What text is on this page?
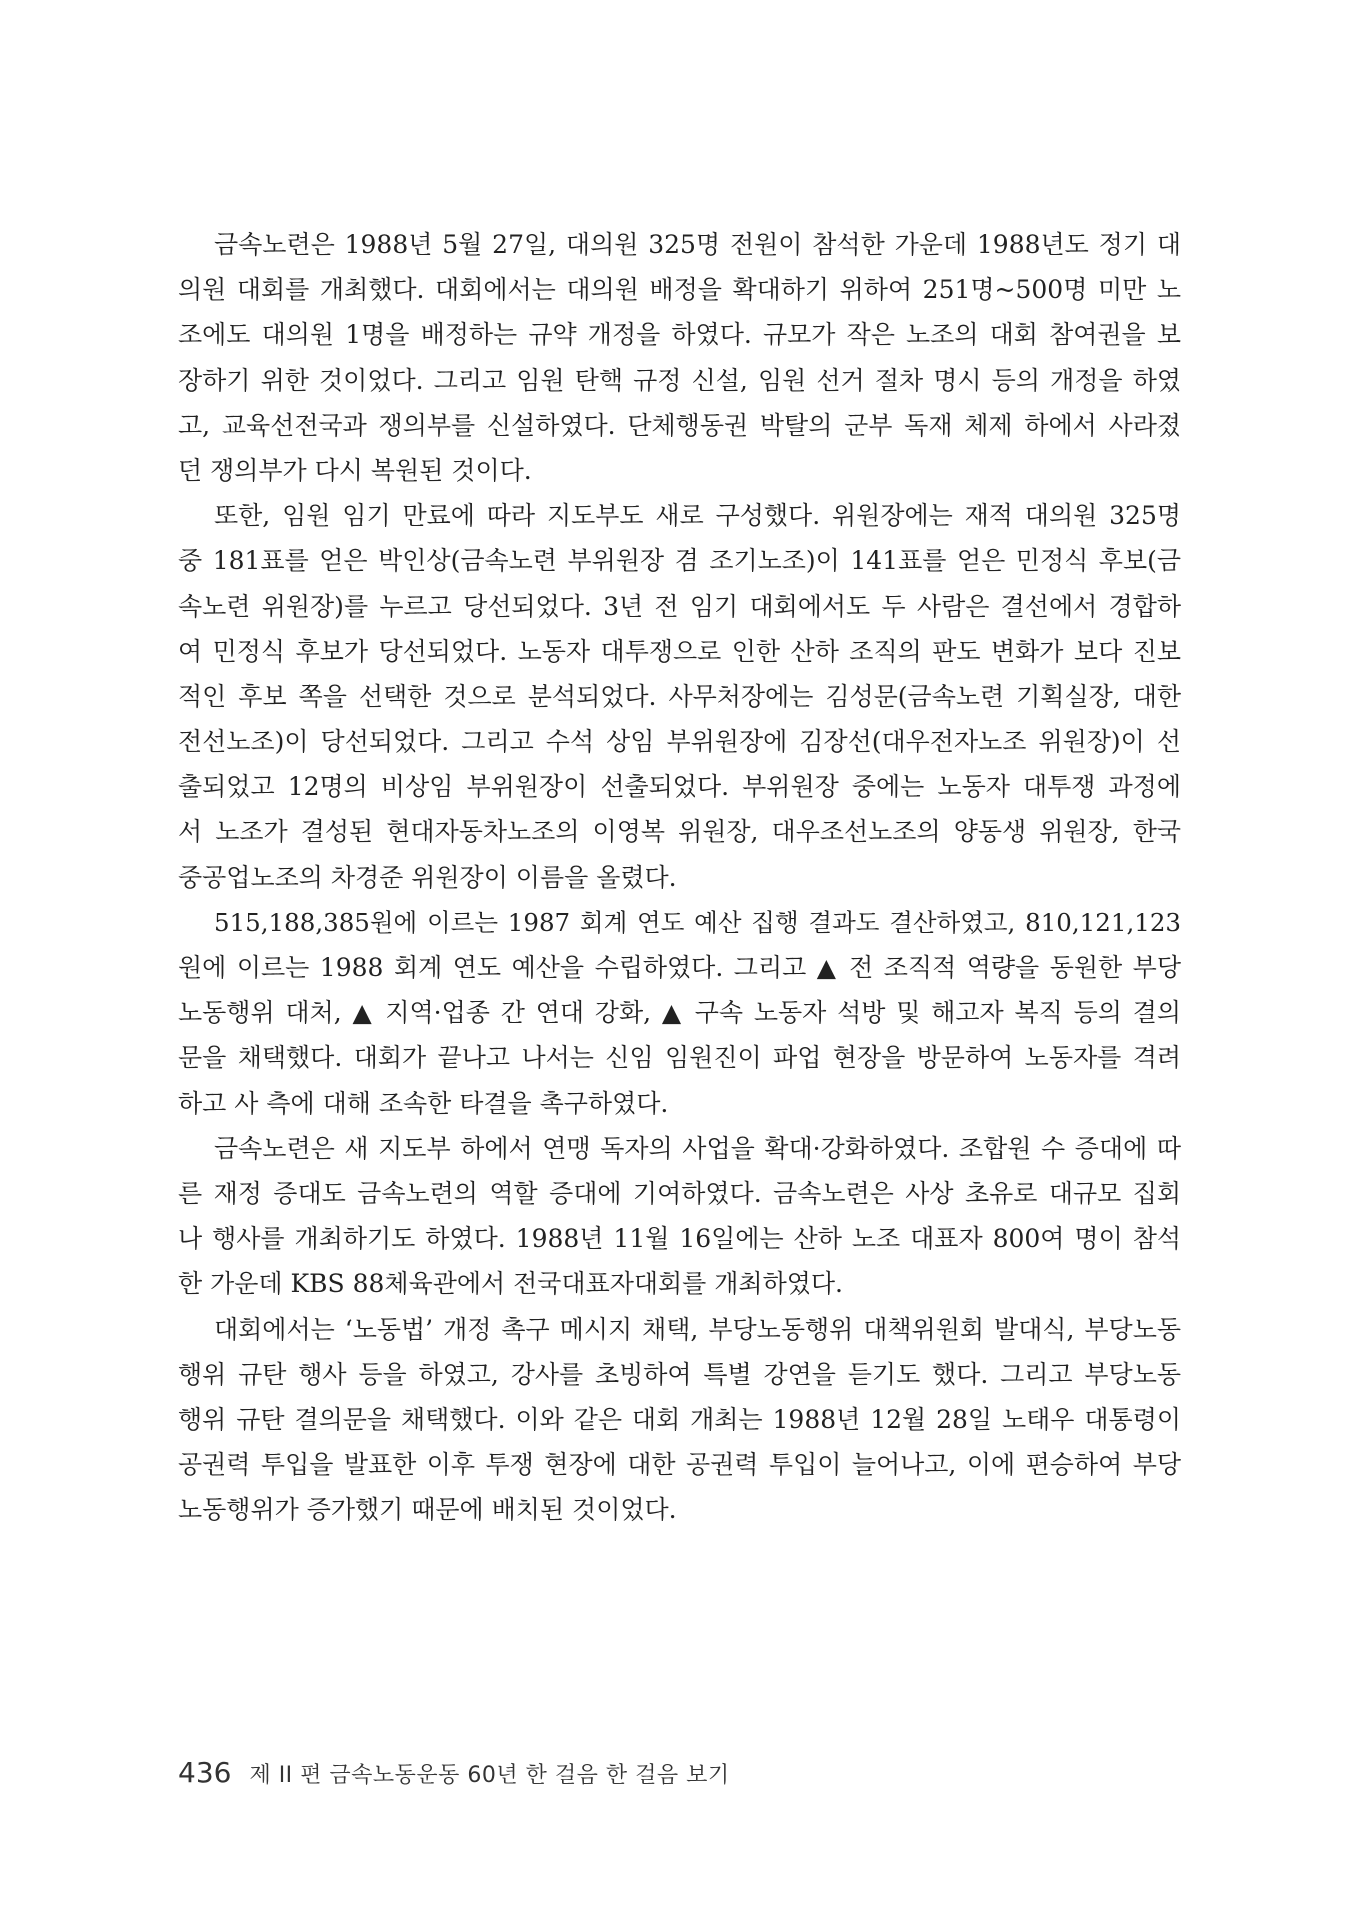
금속노련은 1988년 5월 27일, 대의원 325명 전원이 참석한 가운데 1988년도 정기 대
의원 대회를 개최했다. 대회에서는 대의원 배정을 확대하기 위하여 251명~500명 미만 노
조에도 대의원 1명을 배정하는 규약 개정을 하였다. 규모가 작은 노조의 대회 참여권을 보
장하기 위한 것이었다. 그리고 임원 탄핵 규정 신설, 임원 선거 절차 명시 등의 개정을 하였
고, 교육선전국과 쟁의부를 신설하였다. 단체행동권 박탈의 군부 독재 체제 하에서 사라졌
던 쟁의부가 다시 복원된 것이다.

또한, 임원 임기 만료에 따라 지도부도 새로 구성했다. 위원장에는 재적 대의원 325명
중 181표를 얻은 박인상(금속노련 부위원장 겸 조기노조)이 141표를 얻은 민정식 후보(금
속노련 위원장)를 누르고 당선되었다. 3년 전 임기 대회에서도 두 사람은 결선에서 경합하
여 민정식 후보가 당선되었다. 노동자 대투쟁으로 인한 산하 조직의 판도 변화가 보다 진보
적인 후보 쪽을 선택한 것으로 분석되었다. 사무처장에는 김성문(금속노련 기획실장, 대한
전선노조)이 당선되었다. 그리고 수석 상임 부위원장에 김장선(대우전자노조 위원장)이 선
출되었고 12명의 비상임 부위원장이 선출되었다. 부위원장 중에는 노동자 대투쟁 과정에
서 노조가 결성된 현대자동차노조의 이영복 위원장, 대우조선노조의 양동생 위원장, 한국
중공업노조의 차경준 위원장이 이름을 올렸다.

515,188,385원에 이르는 1987 회계 연도 예산 집행 결과도 결산하였고, 810,121,123
원에 이르는 1988 회계 연도 예산을 수립하였다. 그리고 ▲ 전 조직적 역량을 동원한 부당
노동행위 대처, ▲ 지역·업종 간 연대 강화, ▲ 구속 노동자 석방 및 해고자 복직 등의 결의
문을 채택했다. 대회가 끝나고 나서는 신임 임원진이 파업 현장을 방문하여 노동자를 격려
하고 사 측에 대해 조속한 타결을 촉구하였다.

금속노련은 새 지도부 하에서 연맹 독자의 사업을 확대·강화하였다. 조합원 수 증대에 따
른 재정 증대도 금속노련의 역할 증대에 기여하였다. 금속노련은 사상 초유로 대규모 집회
나 행사를 개최하기도 하였다. 1988년 11월 16일에는 산하 노조 대표자 800여 명이 참석
한 가운데 KBS 88체육관에서 전국대표자대회를 개최하였다.

대회에서는 ‘노동법’ 개정 촉구 메시지 채택, 부당노동행위 대책위원회 발대식, 부당노동
행위 규탄 행사 등을 하였고, 강사를 초빙하여 특별 강연을 듣기도 했다. 그리고 부당노동
행위 규탄 결의문을 채택했다. 이와 같은 대회 개최는 1988년 12월 28일 노태우 대통령이
공권력 투입을 발표한 이후 투쟁 현장에 대한 공권력 투입이 늘어나고, 이에 편승하여 부당
노동행위가 증가했기 때문에 배치된 것이었다.

436 제 II 편 금속노동운동 60년 한 걸음 한 걸음 보기
